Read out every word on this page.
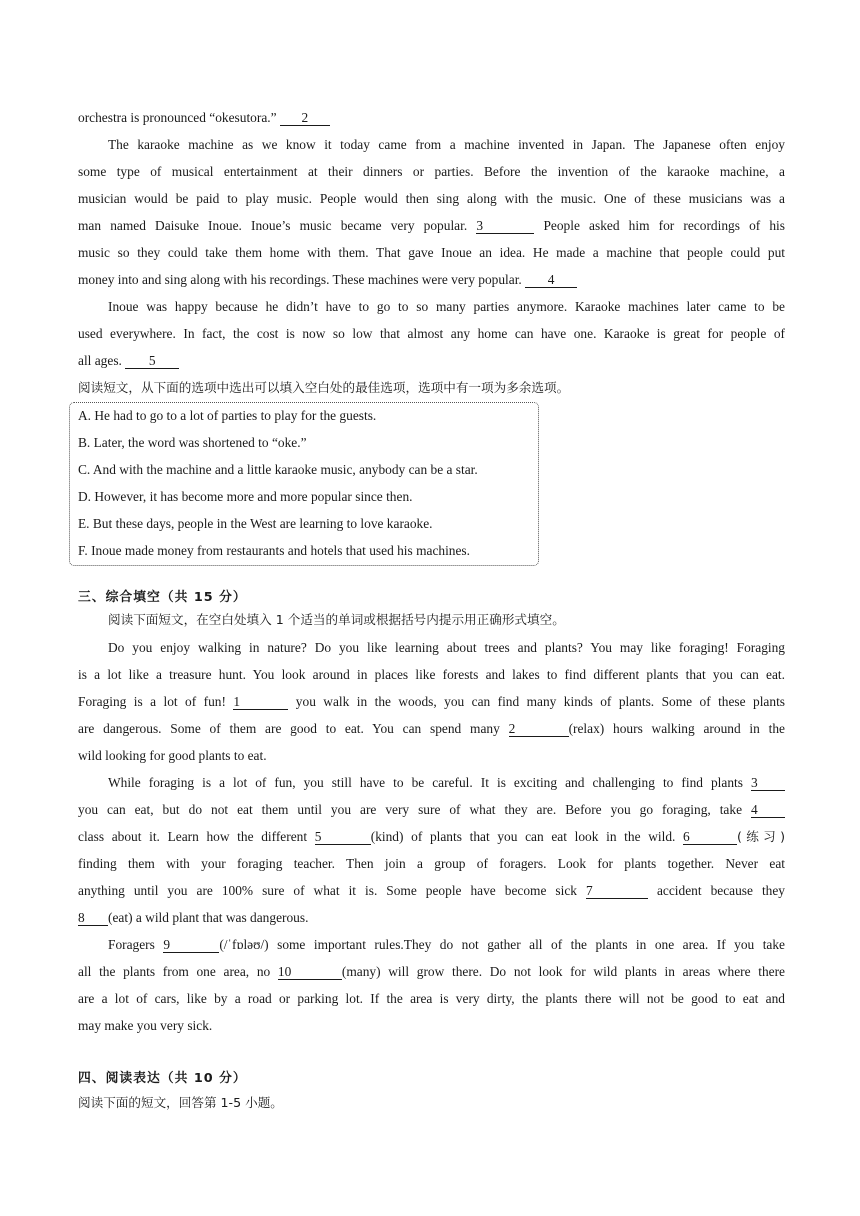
orchestra is pronounced “okesutora.” 2
The karaoke machine as we know it today came from a machine invented in Japan. The Japanese often enjoy
some type of musical entertainment at their dinners or parties. Before the invention of the karaoke machine, a
musician would be paid to play music. People would then sing along with the music. One of these musicians was a
man named Daisuke Inoue. Inoue’s music became very popular. 3	People asked him for recordings of his
music so they could take them home with them. That gave Inoue an idea. He made a machine that people could put
money into and sing along with his recordings. These machines were very popular. 4
Inoue was happy because he didn’t have to go to so many parties anymore. Karaoke machines later came to be
used everywhere. In fact, the cost is now so low that almost any home can have one. Karaoke is great for people of
all ages. 5
阅读短文，从下面的选项中选出可以填入空白处的最佳选项，选项中有一项为多余选项。
A. He had to go to a lot of parties to play for the guests.
B. Later, the word was shortened to “oke.”
C. And with the machine and a little karaoke music, anybody can be a star.
D. However, it has become more and more popular since then.
E. But these days, people in the West are learning to love karaoke.
F. Inoue made money from restaurants and hotels that used his machines.
三、综合填空（共 15 分）
阅读下面短文，在空白处填入 1 个适当的单词或根据括号内提示用正确形式填空。
Do you enjoy walking in nature? Do you like learning about trees and plants? You may like foraging! Foraging
is a lot like a treasure hunt. You look around in places like forests and lakes to find different plants that you can eat.
Foraging is a lot of fun! 1	you walk in the woods, you can find many kinds of plants. Some of these plants
are dangerous. Some of them are good to eat. You can spend many 2	(relax) hours walking around in the
wild looking for good plants to eat.
While foraging is a lot of fun, you still have to be careful. It is exciting and challenging to find plants 3
you can eat, but do not eat them until you are very sure of what they are. Before you go foraging, take 4
class about it. Learn how the different 5	(kind) of plants that you can eat look in the wild. 6	(练习)
finding them with your foraging teacher. Then join a group of foragers. Look for plants together. Never eat
anything until you are 100% sure of what it is. Some people have become sick 7	accident because they
8 (eat) a wild plant that was dangerous.
Foragers 9	(/ˈfɒləʊ/) some important rules.They do not gather all of the plants in one area. If you take
all the plants from one area, no 10	(many) will grow there. Do not look for wild plants in areas where there
are a lot of cars, like by a road or parking lot. If the area is very dirty, the plants there will not be good to eat and
may make you very sick.
四、阅读表达（共 10 分）
阅读下面的短文，回答第 1-5 小题。
